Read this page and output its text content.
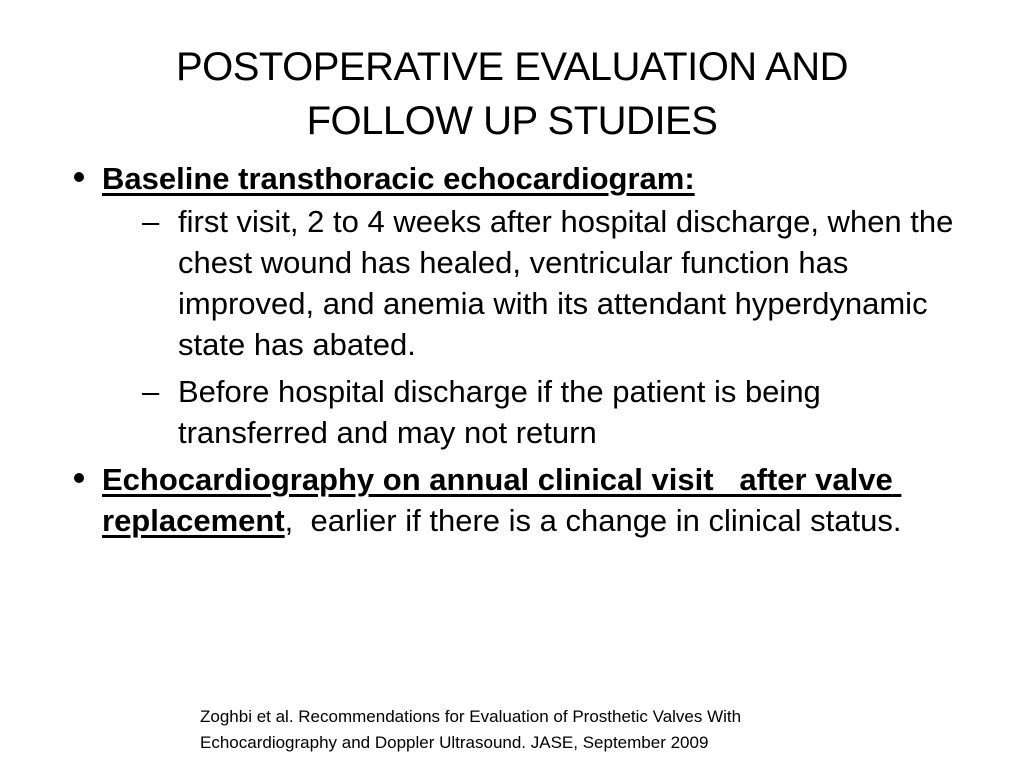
POSTOPERATIVE EVALUATION AND
FOLLOW UP STUDIES
Baseline transthoracic echocardiogram:
– first visit, 2 to 4 weeks after hospital discharge, when the chest wound has healed, ventricular function has improved, and anemia with its attendant hyperdynamic state has abated.
– Before hospital discharge if the patient is being transferred and may not return
Echocardiography on annual clinical visit   after valve replacement,  earlier if there is a change in clinical status.
Zoghbi et al. Recommendations for Evaluation of Prosthetic Valves With
Echocardiography and Doppler Ultrasound. JASE, September 2009
